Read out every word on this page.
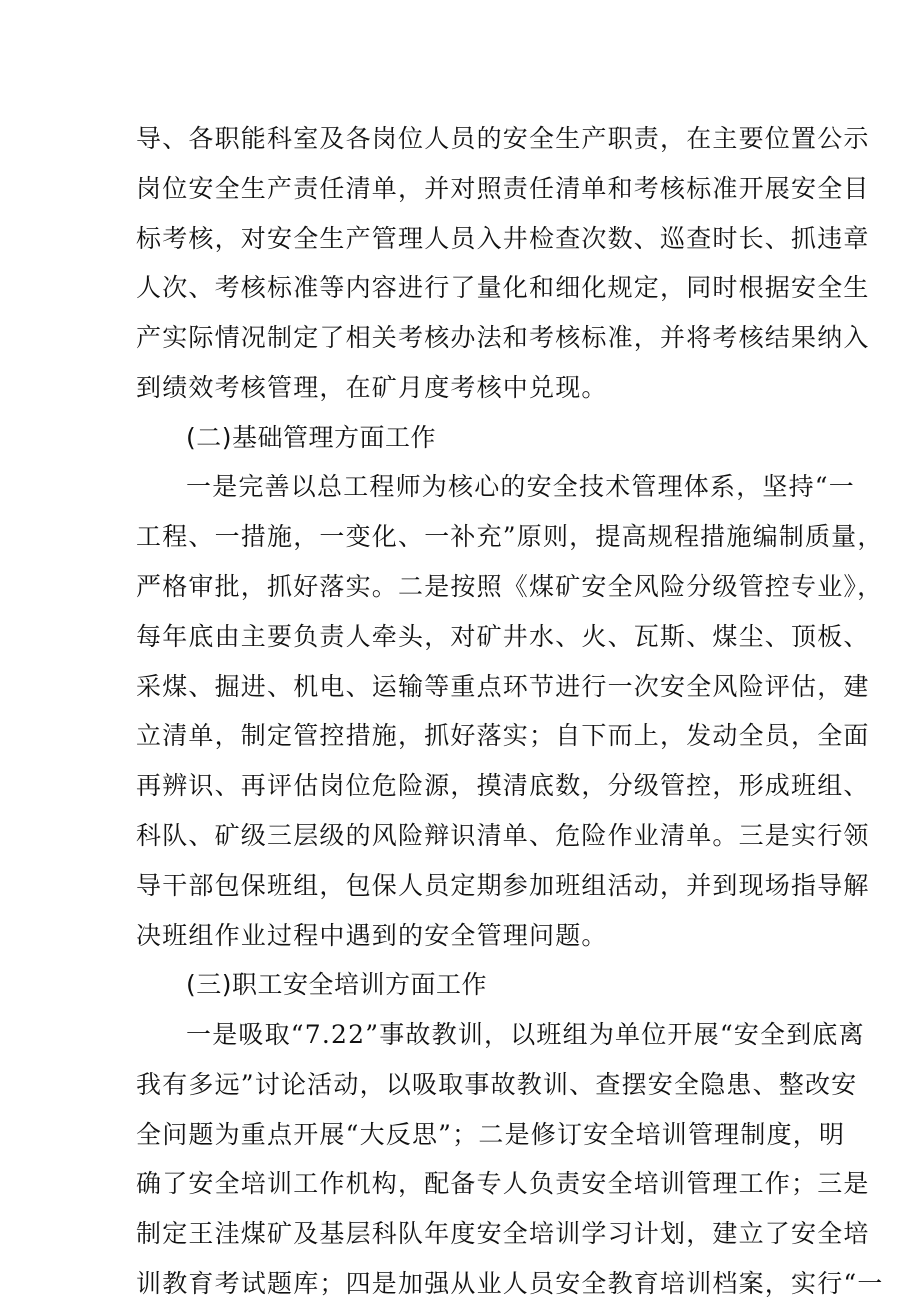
导、各职能科室及各岗位人员的安全生产职责，在主要位置公示
岗位安全生产责任清单，并对照责任清单和考核标准开展安全目
标考核，对安全生产管理人员入井检查次数、巡查时长、抓违章
人次、考核标准等内容进行了量化和细化规定，同时根据安全生
产实际情况制定了相关考核办法和考核标准，并将考核结果纳入
到绩效考核管理，在矿月度考核中兑现。
(二)基础管理方面工作
一是完善以总工程师为核心的安全技术管理体系，坚持“一
工程、一措施，一变化、一补充”原则，提高规程措施编制质量，
严格审批，抓好落实。二是按照《煤矿安全风险分级管控专业》，
每年底由主要负责人牵头，对矿井水、火、瓦斯、煤尘、顶板、
采煤、掘进、机电、运输等重点环节进行一次安全风险评估，建
立清单，制定管控措施，抓好落实；自下而上，发动全员，全面
再辨识、再评估岗位危险源，摸清底数，分级管控，形成班组、
科队、矿级三层级的风险辩识清单、危险作业清单。三是实行领
导干部包保班组，包保人员定期参加班组活动，并到现场指导解
决班组作业过程中遇到的安全管理问题。
(三)职工安全培训方面工作
一是吸取“7.22”事故教训，以班组为单位开展“安全到底离
我有多远”讨论活动，以吸取事故教训、查摆安全隐患、整改安
全问题为重点开展“大反思”；二是修订安全培训管理制度，明
确了安全培训工作机构，配备专人负责安全培训管理工作；三是
制定王洼煤矿及基层科队年度安全培训学习计划，建立了安全培
训教育考试题库；四是加强从业人员安全教育培训档案，实行“一
